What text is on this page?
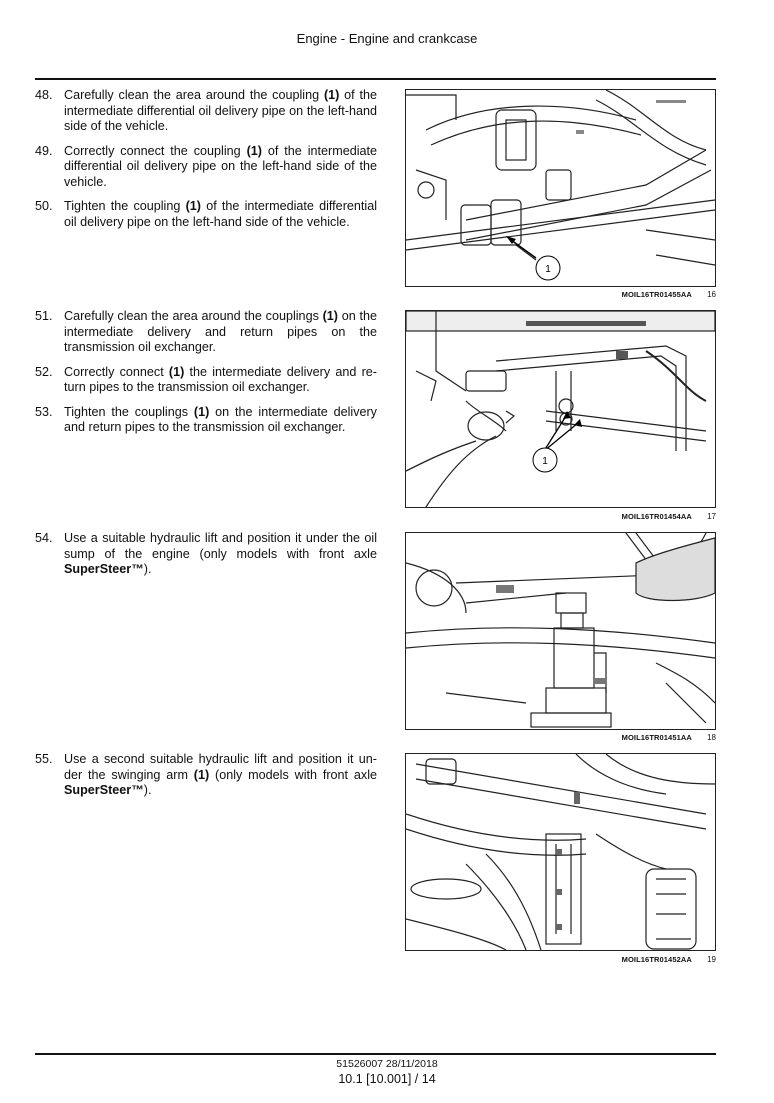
Engine - Engine and crankcase
48. Carefully clean the area around the coupling (1) of the intermediate differential oil delivery pipe on the left-hand side of the vehicle.
49. Correctly connect the coupling (1) of the intermediate differential oil delivery pipe on the left-hand side of the vehicle.
50. Tighten the coupling (1) of the intermediate differential oil delivery pipe on the left-hand side of the vehicle.
1
MOIL16TR01455AA 16
51. Carefully clean the area around the couplings (1) on the intermediate delivery and return pipes on the transmission oil exchanger.
52. Correctly connect (1) the intermediate delivery and re-turn pipes to the transmission oil exchanger.
53. Tighten the couplings (1) on the intermediate delivery and return pipes to the transmission oil exchanger.
1
MOIL16TR01454AA 17
54. Use a suitable hydraulic lift and position it under the oil sump of the engine (only models with front axle SuperSteer™).
MOIL16TR01451AA 18
55. Use a second suitable hydraulic lift and position it un-der the swinging arm (1) (only models with front axle SuperSteer™).
MOIL16TR01452AA 19
51526007 28/11/2018
10.1 [10.001] / 14
